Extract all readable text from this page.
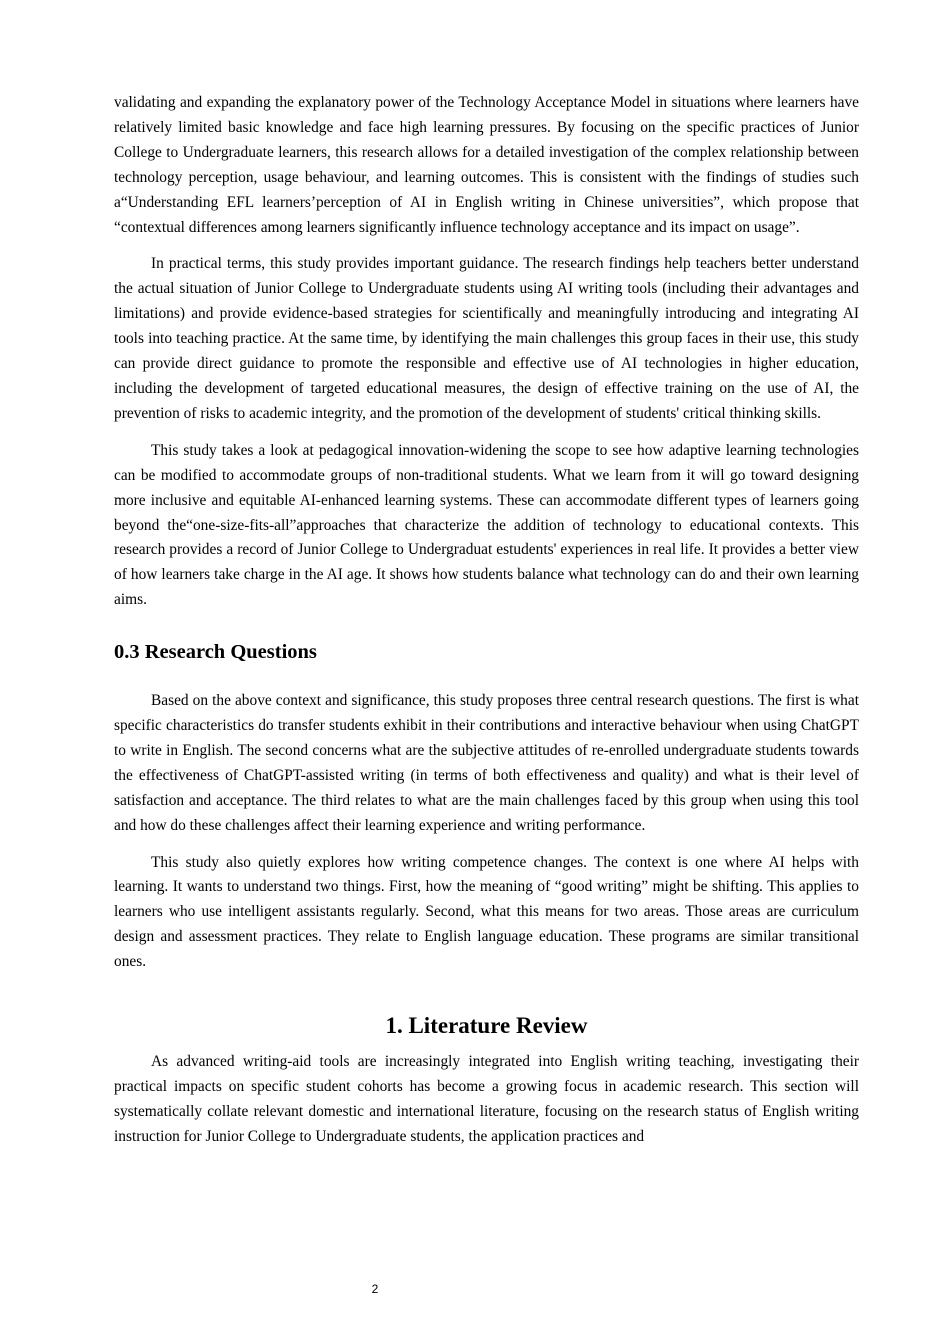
validating and expanding the explanatory power of the Technology Acceptance Model in situations where learners have relatively limited basic knowledge and face high learning pressures. By focusing on the specific practices of Junior College to Undergraduate learners, this research allows for a detailed investigation of the complex relationship between technology perception, usage behaviour, and learning outcomes. This is consistent with the findings of studies such a“Understanding EFL learners’perception of AI in English writing in Chinese universities”, which propose that “contextual differences among learners significantly influence technology acceptance and its impact on usage”.

In practical terms, this study provides important guidance. The research findings help teachers better understand the actual situation of Junior College to Undergraduate students using AI writing tools (including their advantages and limitations) and provide evidence-based strategies for scientifically and meaningfully introducing and integrating AI tools into teaching practice. At the same time, by identifying the main challenges this group faces in their use, this study can provide direct guidance to promote the responsible and effective use of AI technologies in higher education, including the development of targeted educational measures, the design of effective training on the use of AI, the prevention of risks to academic integrity, and the promotion of the development of students' critical thinking skills.

This study takes a look at pedagogical innovation-widening the scope to see how adaptive learning technologies can be modified to accommodate groups of non-traditional students. What we learn from it will go toward designing more inclusive and equitable AI-enhanced learning systems. These can accommodate different types of learners going beyond the“one-size-fits-all”approaches that characterize the addition of technology to educational contexts. This research provides a record of Junior College to Undergraduat estudents' experiences in real life. It provides a better view of how learners take charge in the AI age. It shows how students balance what technology can do and their own learning aims.

0.3 Research Questions

Based on the above context and significance, this study proposes three central research questions. The first is what specific characteristics do transfer students exhibit in their contributions and interactive behaviour when using ChatGPT to write in English. The second concerns what are the subjective attitudes of re-enrolled undergraduate students towards the effectiveness of ChatGPT-assisted writing (in terms of both effectiveness and quality) and what is their level of satisfaction and acceptance. The third relates to what are the main challenges faced by this group when using this tool and how do these challenges affect their learning experience and writing performance.

This study also quietly explores how writing competence changes. The context is one where AI helps with learning. It wants to understand two things. First, how the meaning of “good writing” might be shifting. This applies to learners who use intelligent assistants regularly. Second, what this means for two areas. Those areas are curriculum design and assessment practices. They relate to English language education. These programs are similar transitional ones.

1. Literature Review

As advanced writing-aid tools are increasingly integrated into English writing teaching, investigating their practical impacts on specific student cohorts has become a growing focus in academic research. This section will systematically collate relevant domestic and international literature, focusing on the research status of English writing instruction for Junior College to Undergraduate students, the application practices and

2
